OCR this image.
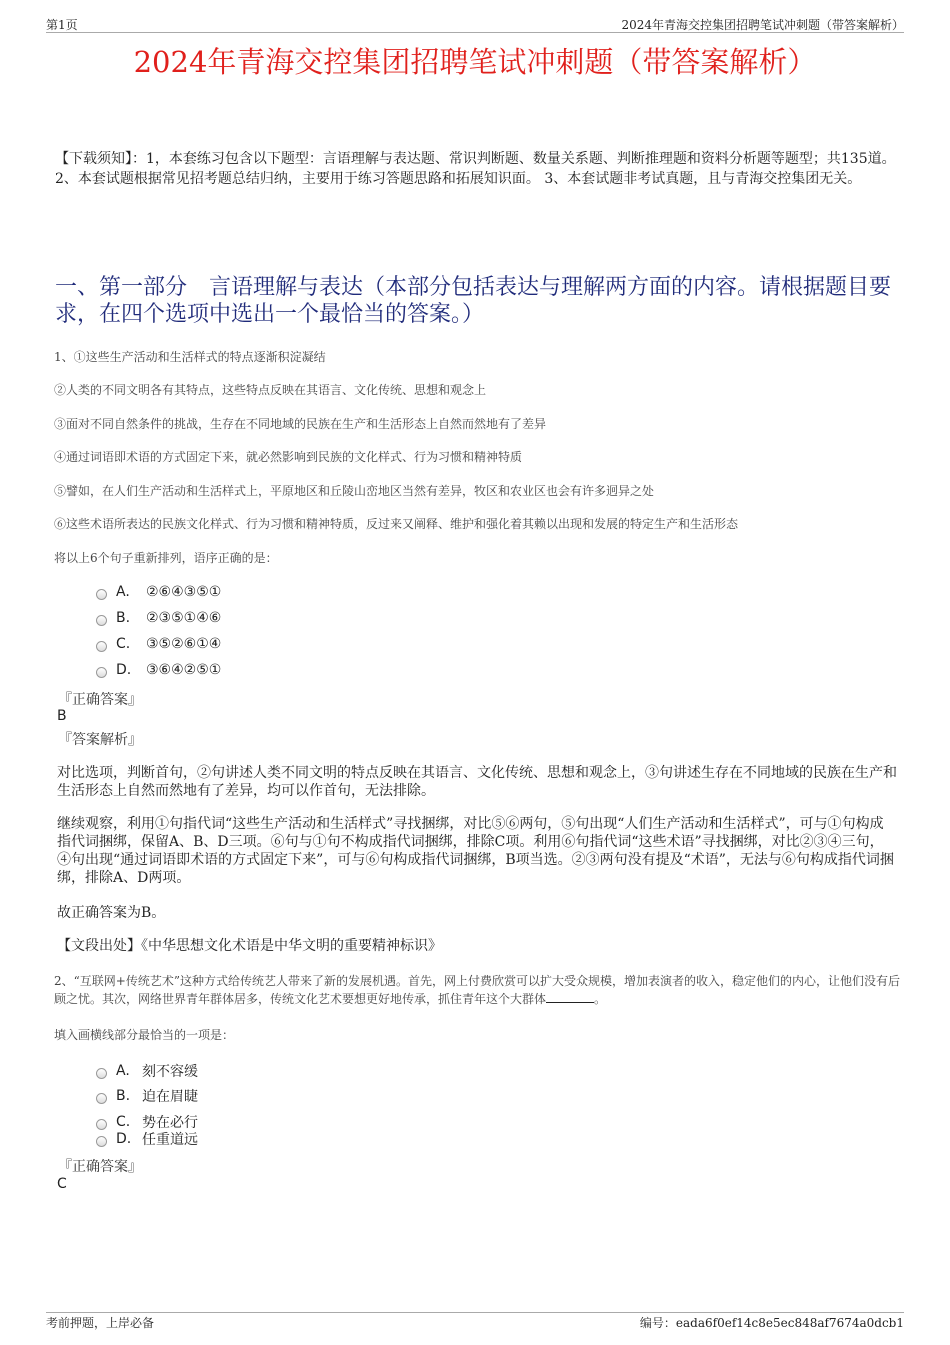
第1页	2024年青海交控集团招聘笔试冲刺题（带答案解析）
2024年青海交控集团招聘笔试冲刺题（带答案解析）
【下载须知】：1，本套练习包含以下题型：言语理解与表达题、常识判断题、数量关系题、判断推理题和资料分析题等题型；共135道。2、本套试题根据常见招考题总结归纳，主要用于练习答题思路和拓展知识面。 3、本套试题非考试真题，且与青海交控集团无关。
一、第一部分　言语理解与表达（本部分包括表达与理解两方面的内容。请根据题目要求，在四个选项中选出一个最恰当的答案。）
1、①这些生产活动和生活样式的特点逐渐积淀凝结
②人类的不同文明各有其特点，这些特点反映在其语言、文化传统、思想和观念上
③面对不同自然条件的挑战，生存在不同地域的民族在生产和生活形态上自然而然地有了差异
④通过词语即术语的方式固定下来，就必然影响到民族的文化样式、行为习惯和精神特质
⑤譬如，在人们生产活动和生活样式上，平原地区和丘陵山峦地区当然有差异，牧区和农业区也会有许多迥异之处
⑥这些术语所表达的民族文化样式、行为习惯和精神特质，反过来又阐释、维护和强化着其赖以出现和发展的特定生产和生活形态
将以上6个句子重新排列，语序正确的是：
A.	②⑥④③⑤①
B.	②③⑤①④⑥
C.	③⑤②⑥①④
D.	③⑥④②⑤①
『正确答案』
B
『答案解析』
对比选项，判断首句，②句讲述人类不同文明的特点反映在其语言、文化传统、思想和观念上，③句讲述生存在不同地域的民族在生产和生活形态上自然而然地有了差异，均可以作首句，无法排除。
继续观察，利用①句指代词“这些生产活动和生活样式”寻找捆绑，对比⑤⑥两句，⑤句出现“人们生产活动和生活样式”，可与①句构成指代词捆绑，保留A、B、D三项。⑥句与①句不构成指代词捆绑，排除C项。利用⑥句指代词“这些术语”寻找捆绑，对比②③④三句，④句出现“通过词语即术语的方式固定下来”，可与⑥句构成指代词捆绑，B项当选。②③两句没有提及“术语”，无法与⑥句构成指代词捆绑，排除A、D两项。
故正确答案为B。
【文段出处】《中华思想文化术语是中华文明的重要精神标识》
2、“互联网+传统艺术”这种方式给传统艺人带来了新的发展机遇。首先，网上付费欣赏可以扩大受众规模，增加表演者的收入，稳定他们的内心，让他们没有后顾之忧。其次，网络世界青年群体居多，传统文化艺术要想更好地传承，抓住青年这个大群体	。
填入画横线部分最恰当的一项是：
A. 刻不容缓
B. 迫在眉睫
C. 势在必行
D. 任重道远
『正确答案』
C
考前押题，上岸必备	编号：eada6f0ef14c8e5ec848af7674a0dcb1
